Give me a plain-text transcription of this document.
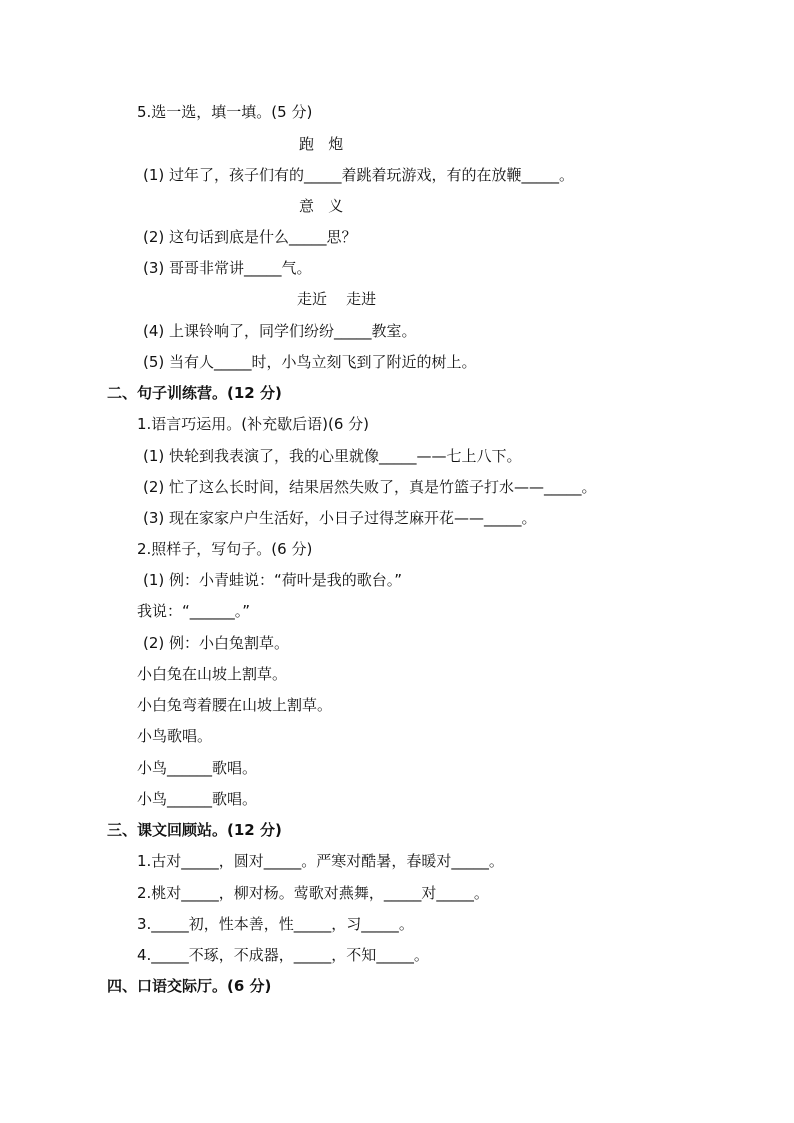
5.选一选，填一填。(5 分)
跑   炮
(1) 过年了，孩子们有的_____着跳着玩游戏，有的在放鞭_____。
意   义
(2) 这句话到底是什么_____思？
(3) 哥哥非常讲_____气。
走近    走进
(4) 上课铃响了，同学们纷纷_____教室。
(5) 当有人_____时，小鸟立刻飞到了附近的树上。
二、句子训练营。(12 分)
1.语言巧运用。(补充歇后语)(6 分)
(1) 快轮到我表演了，我的心里就像_____——七上八下。
(2) 忙了这么长时间，结果居然失败了，真是竹篮子打水——_____。
(3) 现在家家户户生活好，小日子过得芝麻开花——_____。
2.照样子，写句子。(6 分)
(1) 例：小青蛙说：“荷叶是我的歌台。”
我说：“______。”
(2) 例：小白兔割草。
小白兔在山坡上割草。
小白兔弯着腰在山坡上割草。
小鸟歌唱。
小鸟______歌唱。
小鸟______歌唱。
三、课文回顾站。(12 分)
1.古对_____，圆对_____。严寒对酷暑，春暖对_____。
2.桃对_____，柳对杨。莺歌对燕舞，_____对_____。
3._____初，性本善，性_____，习_____。
4._____不琢，不成器，_____，不知_____。
四、口语交际厅。(6 分)
